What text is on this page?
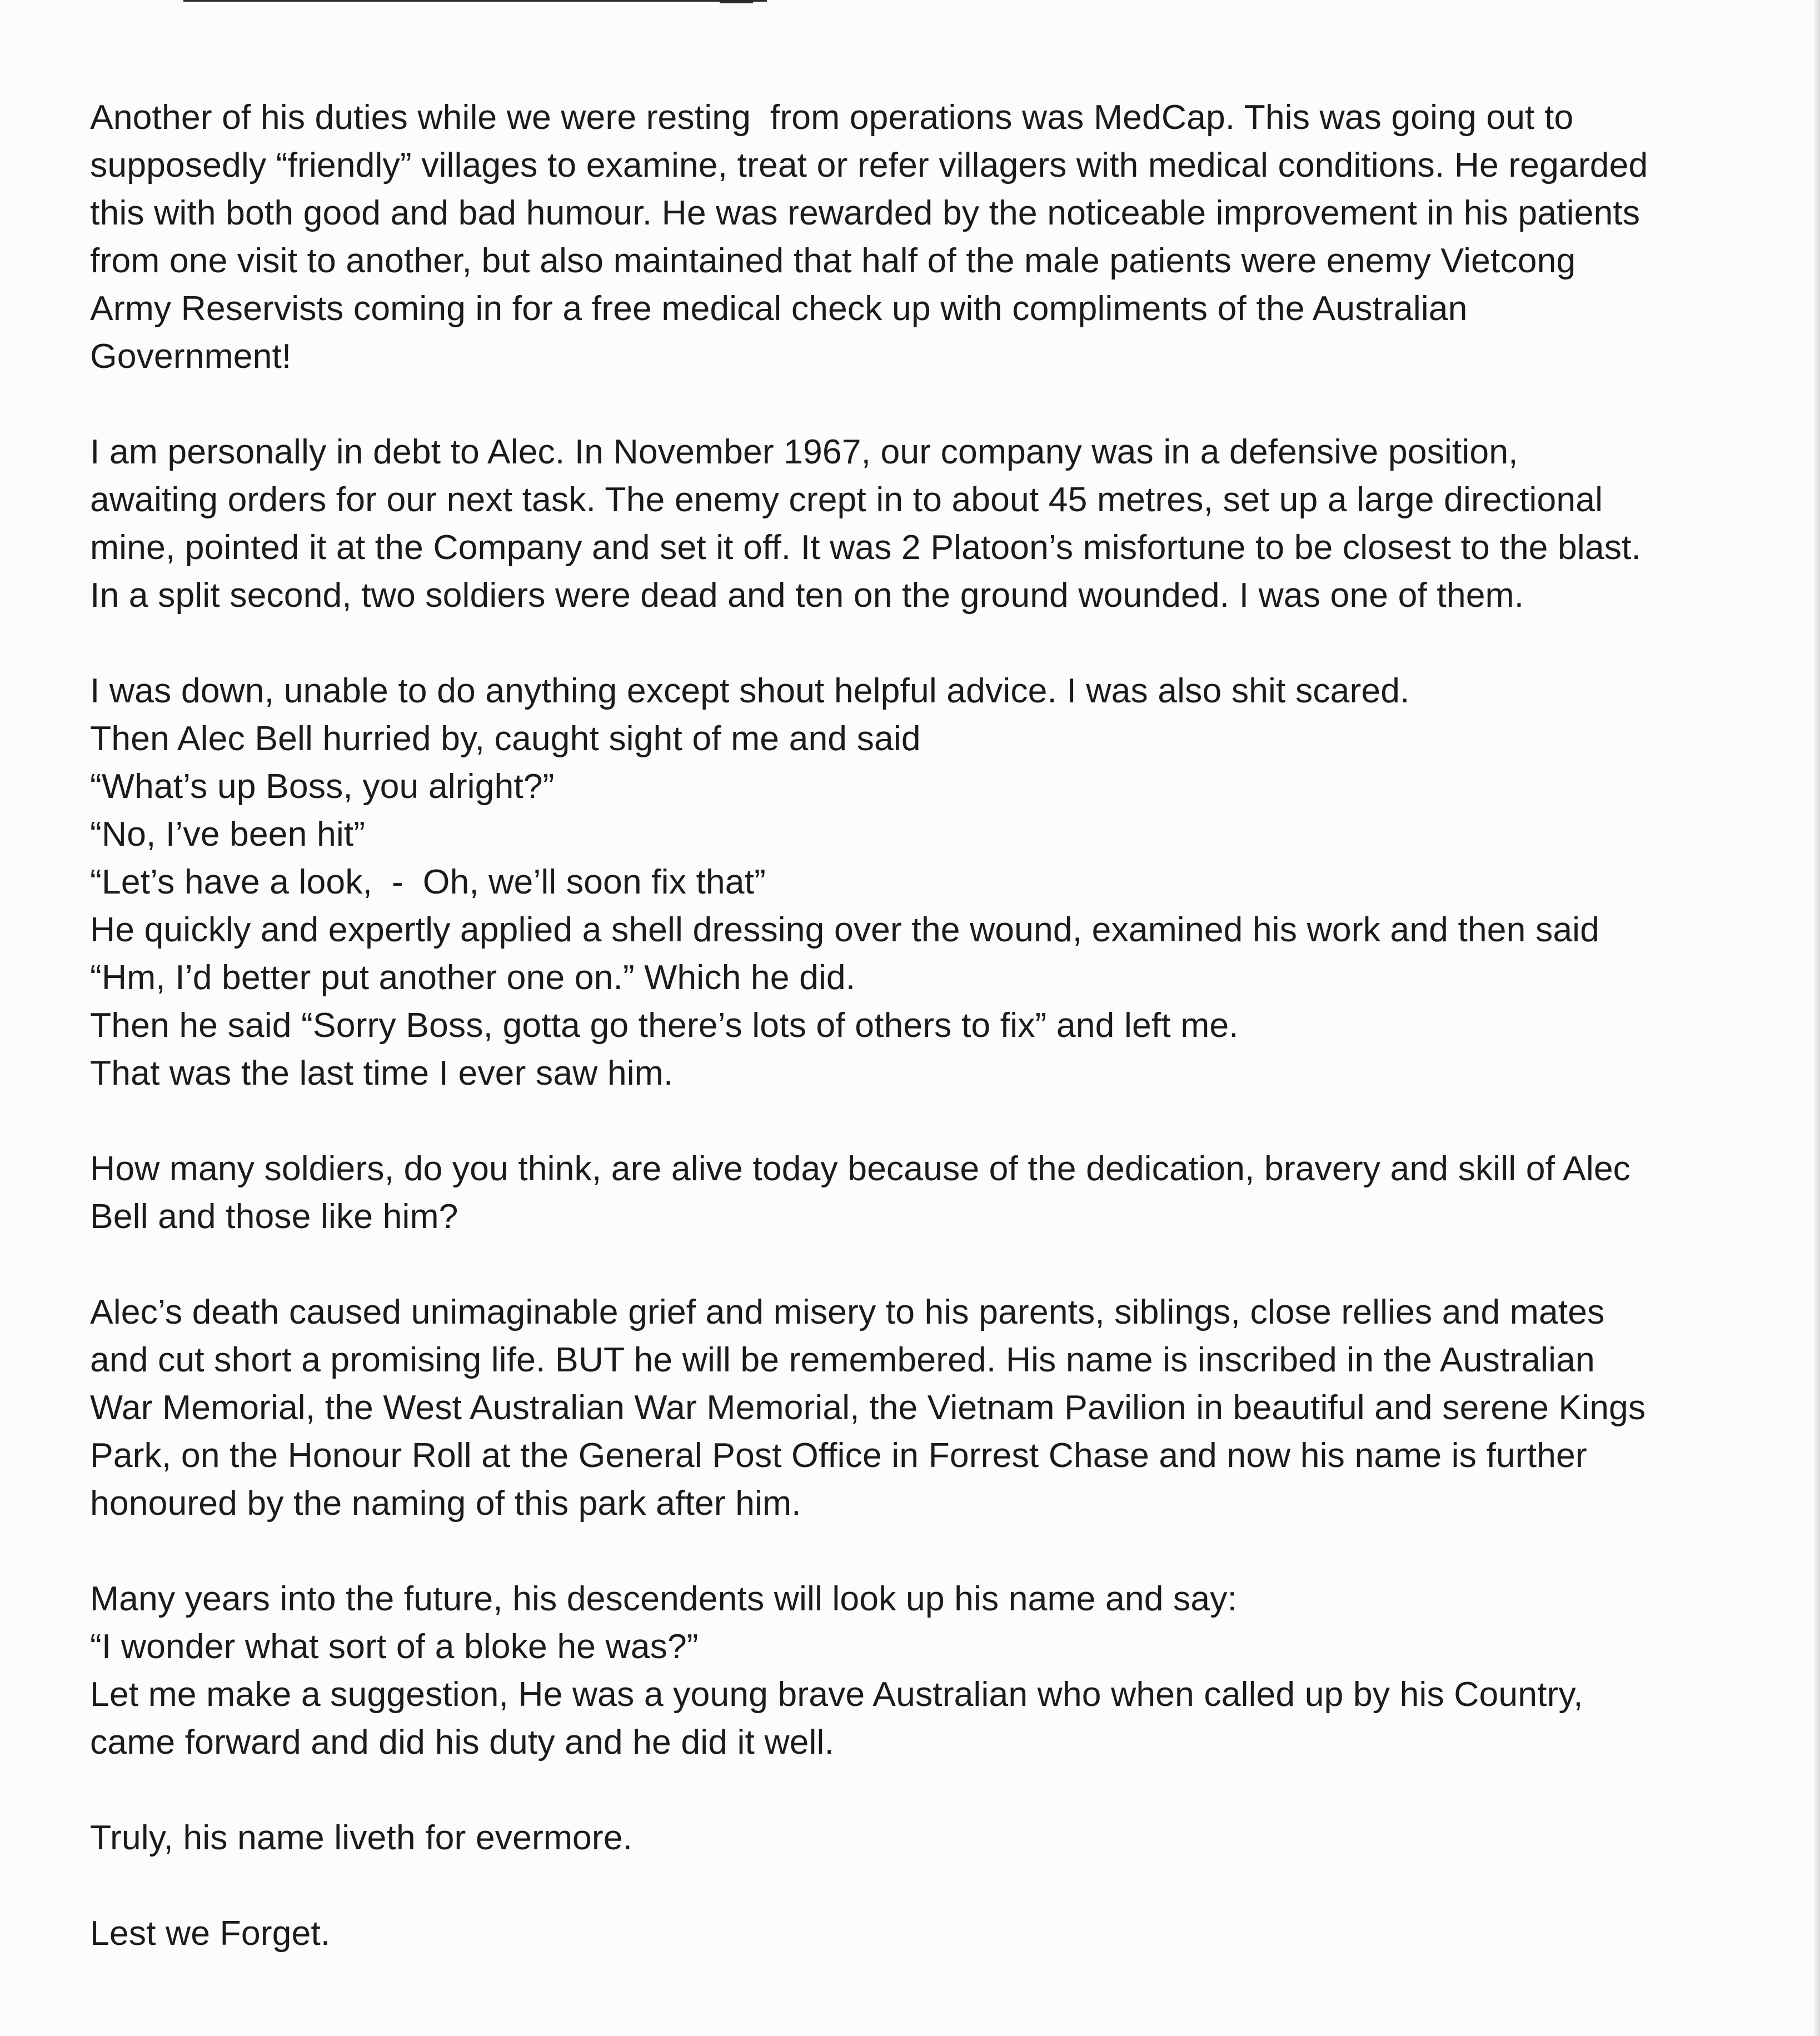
Another of his duties while we were resting  from operations was MedCap. This was going out to
supposedly “friendly” villages to examine, treat or refer villagers with medical conditions. He regarded
this with both good and bad humour. He was rewarded by the noticeable improvement in his patients
from one visit to another, but also maintained that half of the male patients were enemy Vietcong
Army Reservists coming in for a free medical check up with compliments of the Australian
Government!
I am personally in debt to Alec. In November 1967, our company was in a defensive position,
awaiting orders for our next task. The enemy crept in to about 45 metres, set up a large directional
mine, pointed it at the Company and set it off. It was 2 Platoon’s misfortune to be closest to the blast.
In a split second, two soldiers were dead and ten on the ground wounded. I was one of them.
I was down, unable to do anything except shout helpful advice. I was also shit scared.
Then Alec Bell hurried by, caught sight of me and said
“What’s up Boss, you alright?”
“No, I’ve been hit”
“Let’s have a look,  -  Oh, we’ll soon fix that”
He quickly and expertly applied a shell dressing over the wound, examined his work and then said
“Hm, I’d better put another one on.” Which he did.
Then he said “Sorry Boss, gotta go there’s lots of others to fix” and left me.
That was the last time I ever saw him.
How many soldiers, do you think, are alive today because of the dedication, bravery and skill of Alec
Bell and those like him?
Alec’s death caused unimaginable grief and misery to his parents, siblings, close rellies and mates
and cut short a promising life. BUT he will be remembered. His name is inscribed in the Australian
War Memorial, the West Australian War Memorial, the Vietnam Pavilion in beautiful and serene Kings
Park, on the Honour Roll at the General Post Office in Forrest Chase and now his name is further
honoured by the naming of this park after him.
Many years into the future, his descendents will look up his name and say:
“I wonder what sort of a bloke he was?”
Let me make a suggestion, He was a young brave Australian who when called up by his Country,
came forward and did his duty and he did it well.
Truly, his name liveth for evermore.
Lest we Forget.
